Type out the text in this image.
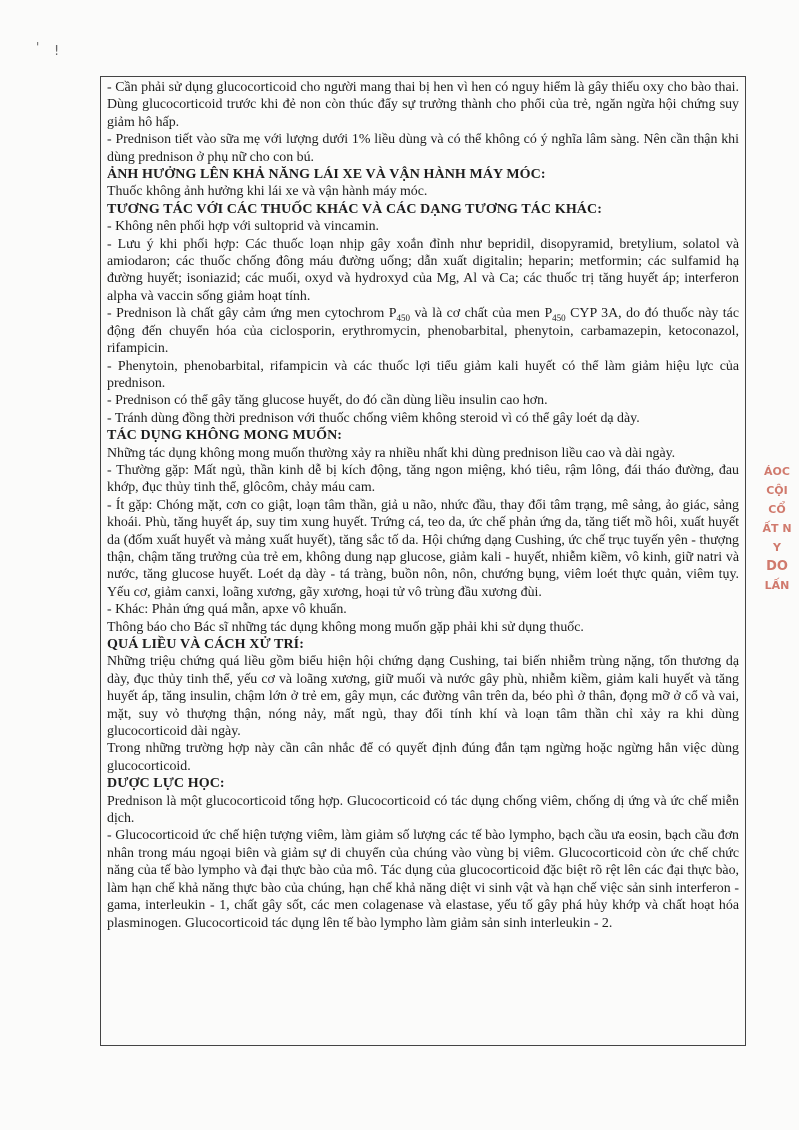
' !

- Cần phải sử dụng glucocorticoid cho người mang thai bị hen vì hen có nguy hiểm là gây thiếu oxy cho bào thai. Dùng glucocorticoid trước khi đẻ non còn thúc đẩy sự trưởng thành cho phổi của trẻ, ngăn ngừa hội chứng suy giảm hô hấp.

- Prednison tiết vào sữa mẹ với lượng dưới 1% liều dùng và có thể không có ý nghĩa lâm sàng. Nên cần thận khi dùng prednison ở phụ nữ cho con bú.

ẢNH HƯỞNG LÊN KHẢ NĂNG LÁI XE VÀ VẬN HÀNH MÁY MÓC:

Thuốc không ảnh hưởng khi lái xe và vận hành máy móc.

TƯƠNG TÁC VỚI CÁC THUỐC KHÁC VÀ CÁC DẠNG TƯƠNG TÁC KHÁC:

- Không nên phối hợp với sultoprid và vincamin.

- Lưu ý khi phối hợp: Các thuốc loạn nhịp gây xoắn đỉnh như bepridil, disopyramid, bretylium, solatol và amiodaron; các thuốc chống đông máu đường uống; dẫn xuất digitalin; heparin; metformin; các sulfamid hạ đường huyết; isoniazid; các muối, oxyd và hydroxyd của Mg, Al và Ca; các thuốc trị tăng huyết áp; interferon alpha và vaccin sống giảm hoạt tính.

- Prednison là chất gây cảm ứng men cytochrom $P_{450}$ và là cơ chất của men $P_{450}$ CYP 3A, do đó thuốc này tác động đến chuyển hóa của ciclosporin, erythromycin, phenobarbital, phenytoin, carbamazepin, ketoconazol, rifampicin.

- Phenytoin, phenobarbital, rifampicin và các thuốc lợi tiểu giảm kali huyết có thể làm giảm hiệu lực của prednison.

- Prednison có thể gây tăng glucose huyết, do đó cần dùng liều insulin cao hơn.

- Tránh dùng đồng thời prednison với thuốc chống viêm không steroid vì có thể gây loét dạ dày.

TÁC DỤNG KHÔNG MONG MUỐN:

Những tác dụng không mong muốn thường xảy ra nhiều nhất khi dùng prednison liều cao và dài ngày.

- Thường gặp: Mất ngủ, thần kinh dễ bị kích động, tăng ngon miệng, khó tiêu, rậm lông, đái tháo đường, đau khớp, đục thủy tinh thể, glôcôm, chảy máu cam.

- Ít gặp: Chóng mặt, cơn co giật, loạn tâm thần, giả u não, nhức đầu, thay đổi tâm trạng, mê sảng, ảo giác, sảng khoái. Phù, tăng huyết áp, suy tim xung huyết. Trứng cá, teo da, ức chế phản ứng da, tăng tiết mồ hôi, xuất huyết da (đốm xuất huyết và mảng xuất huyết), tăng sắc tố da. Hội chứng dạng Cushing, ức chế trục tuyến yên - thượng thận, chậm tăng trưởng của trẻ em, không dung nạp glucose, giảm kali - huyết, nhiễm kiềm, vô kinh, giữ natri và nước, tăng glucose huyết. Loét dạ dày - tá tràng, buồn nôn, nôn, chướng bụng, viêm loét thực quản, viêm tụy. Yếu cơ, giảm canxi, loãng xương, gãy xương, hoại tử vô trùng đầu xương đùi.

- Khác: Phản ứng quá mẫn, apxe vô khuẩn.

Thông báo cho Bác sĩ những tác dụng không mong muốn gặp phải khi sử dụng thuốc.

QUÁ LIỀU VÀ CÁCH XỬ TRÍ:

Những triệu chứng quá liều gồm biểu hiện hội chứng dạng Cushing, tai biến nhiễm trùng nặng, tổn thương dạ dày, đục thủy tinh thể, yếu cơ và loãng xương, giữ muối và nước gây phù, nhiễm kiềm, giảm kali huyết và tăng huyết áp, tăng insulin, chậm lớn ở trẻ em, gây mụn, các đường vân trên da, béo phì ở thân, đọng mỡ ở cổ và vai, mặt, suy vỏ thượng thận, nóng nảy, mất ngủ, thay đổi tính khí và loạn tâm thần chỉ xảy ra khi dùng glucocorticoid dài ngày.

Trong những trường hợp này cần cân nhắc để có quyết định đúng đắn tạm ngừng hoặc ngừng hẳn việc dùng glucocorticoid.

DƯỢC LỰC HỌC:

Prednison là một glucocorticoid tổng hợp. Glucocorticoid có tác dụng chống viêm, chống dị ứng và ức chế miễn dịch.

- Glucocorticoid ức chế hiện tượng viêm, làm giảm số lượng các tế bào lympho, bạch cầu ưa eosin, bạch cầu đơn nhân trong máu ngoại biên và giảm sự di chuyển của chúng vào vùng bị viêm. Glucocorticoid còn ức chế chức năng của tế bào lympho và đại thực bào của mô. Tác dụng của glucocorticoid đặc biệt rõ rệt lên các đại thực bào, làm hạn chế khả năng thực bào của chúng, hạn chế khả năng diệt vi sinh vật và hạn chế việc sản sinh interferon - gama, interleukin - 1, chất gây sốt, các men colagenase và elastase, yếu tố gây phá hủy khớp và chất hoạt hóa plasminogen. Glucocorticoid tác dụng lên tế bào lympho làm giảm sản sinh interleukin - 2.

ÁOC
CỘI
CỔ
ẤT N
Y
DO
LẤN
